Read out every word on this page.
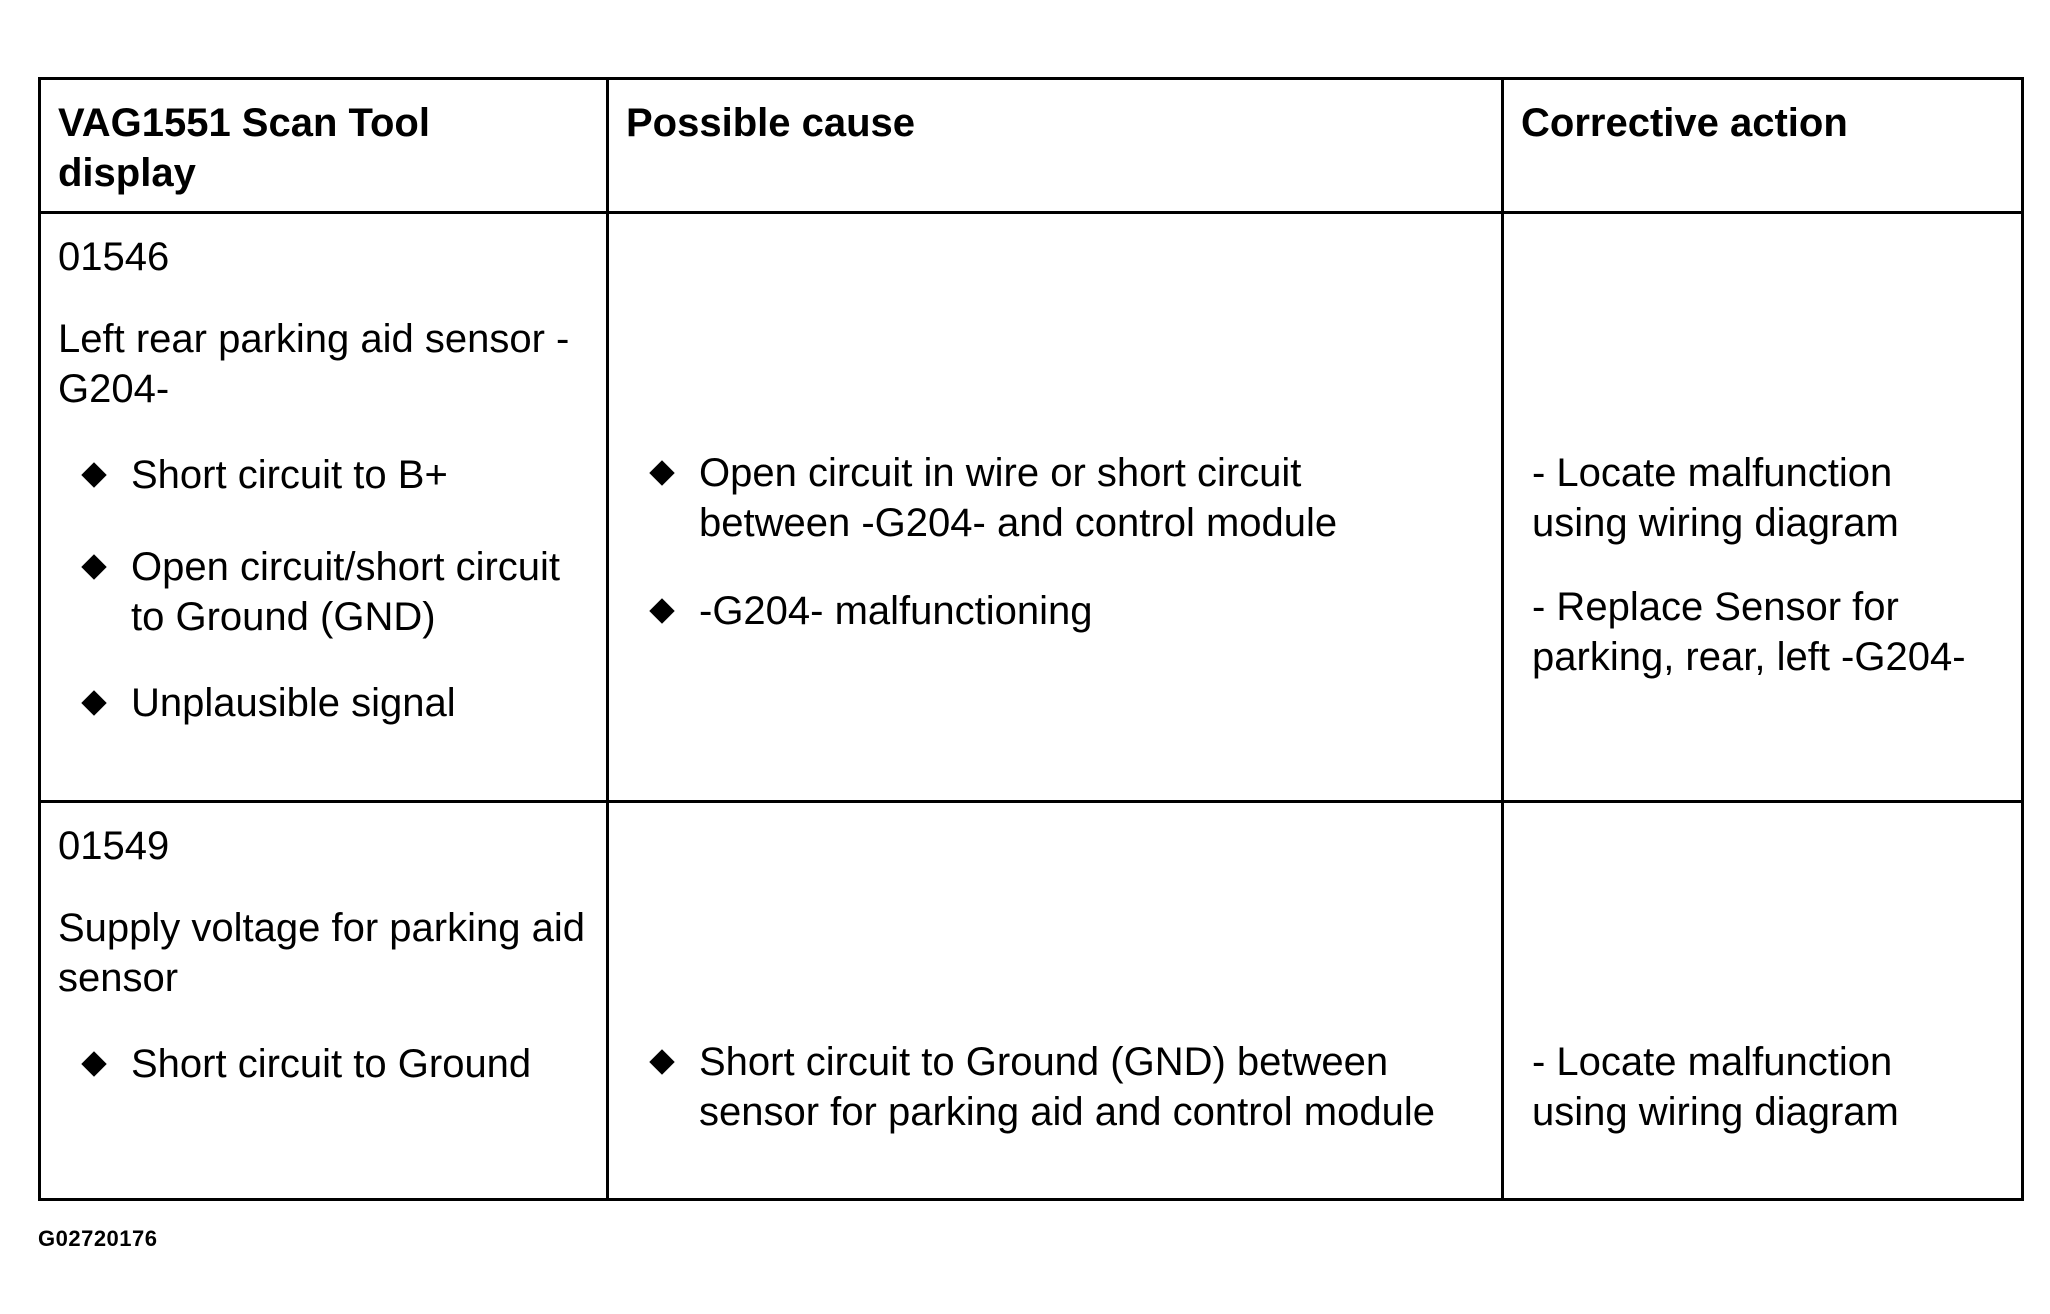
VAG1551 Scan Tool display
Possible cause	Corrective action
01546
Left rear parking aid sensor -
G204-
Short circuit to B+
Open circuit/short circuit
to Ground (GND)
Unplausible signal
Open circuit in wire or short circuit
between -G204- and control module
-G204- malfunctioning
- Locate malfunction
using wiring diagram
- Replace Sensor for
parking, rear, left -G204-
01549
Supply voltage for parking aid
sensor
Short circuit to Ground	Short circuit to Ground (GND) between
sensor for parking aid and control module
- Locate malfunction
using wiring diagram
G02720176
